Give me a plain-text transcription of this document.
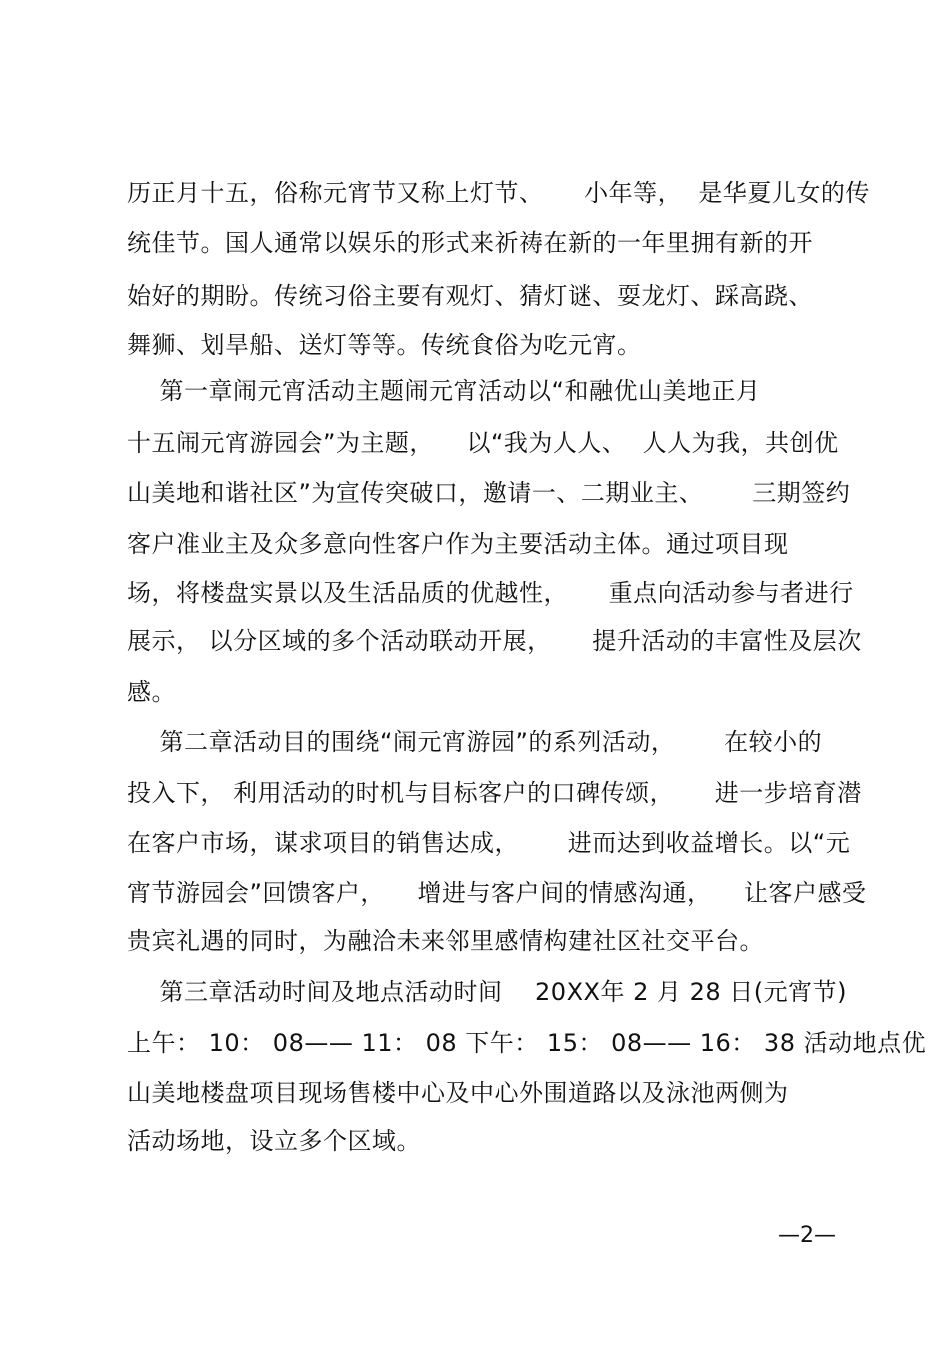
历正月十五，俗称元宵节又称上灯节、     小年等，  是华夏儿女的传
统佳节。国人通常以娱乐的形式来祈祷在新的一年里拥有新的开
始好的期盼。传统习俗主要有观灯、猜灯谜、耍龙灯、踩高跷、
舞狮、划旱船、送灯等等。传统食俗为吃元宵。
第一章闹元宵活动主题闹元宵活动以“和融优山美地正月
十五闹元宵游园会”为主题，    以“我为人人、  人人为我，共创优
山美地和谐社区”为宣传突破口，邀请一、二期业主、      三期签约
客户准业主及众多意向性客户作为主要活动主体。通过项目现
场，将楼盘实景以及生活品质的优越性，     重点向活动参与者进行
展示， 以分区域的多个活动联动开展，     提升活动的丰富性及层次
感。
第二章活动目的围绕“闹元宵游园”的系列活动，      在较小的
投入下， 利用活动的时机与目标客户的口碑传颂，     进一步培育潜
在客户市场，谋求项目的销售达成，      进而达到收益增长。以“元
宵节游园会”回馈客户，    增进与客户间的情感沟通，    让客户感受
贵宾礼遇的同时，为融洽未来邻里感情构建社区社交平台。
第三章活动时间及地点活动时间    20XX年 2 月 28 日(元宵节)
上午： 10： 08—— 11： 08 下午： 15： 08—— 16： 38 活动地点优
山美地楼盘项目现场售楼中心及中心外围道路以及泳池两侧为
活动场地，设立多个区域。
—2—
